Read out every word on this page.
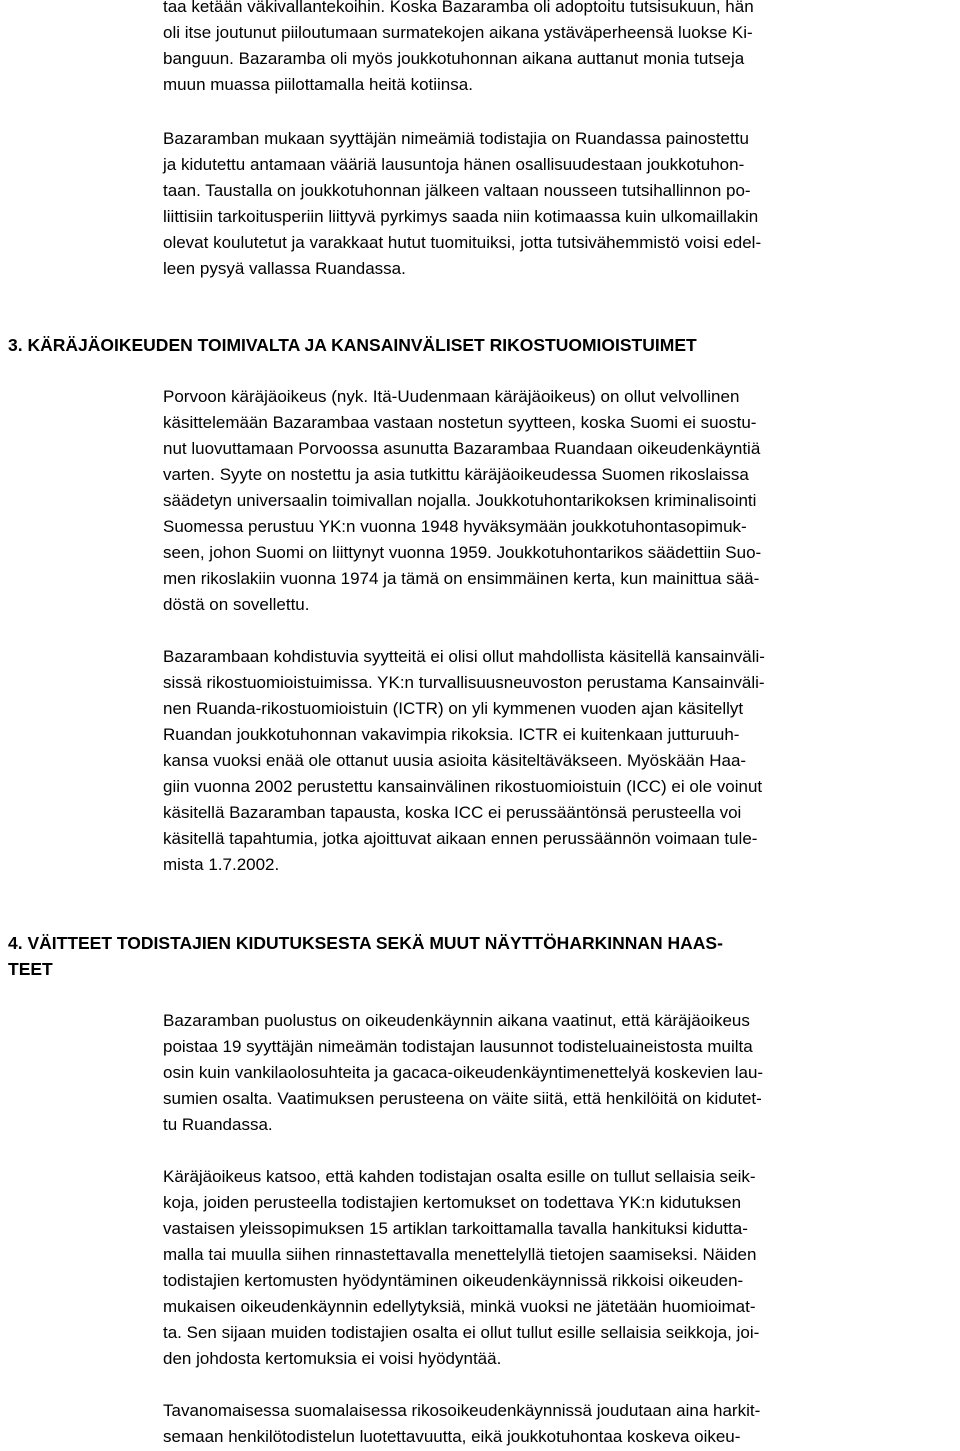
taa ketään väkivallantekoihin. Koska Bazaramba oli adoptoitu tutsisukuun, hän
oli itse joutunut piiloutumaan surmatekojen aikana ystäväperheensä luokse Ki-
banguun. Bazaramba oli myös joukkotuhonnan aikana auttanut monia tutseja
muun muassa piilottamalla heitä kotiinsa.

Bazaramban mukaan syyttäjän nimeämiä todistajia on Ruandassa painostettu
ja kidutettu antamaan vääriä lausuntoja hänen osallisuudestaan joukkotuhon-
taan. Taustalla on joukkotuhonnan jälkeen valtaan nousseen tutsihallinnon po-
liittisiin tarkoitusperiin liittyvä pyrkimys saada niin kotimaassa kuin ulkomaillakin
olevat koulutetut ja varakkaat hutut tuomituiksi, jotta tutsivähemmistö voisi edel-
leen pysyä vallassa Ruandassa.

3. KÄRÄJÄOIKEUDEN TOIMIVALTA JA KANSAINVÄLISET RIKOSTUOMIOISTUIMET

Porvoon käräjäoikeus (nyk. Itä-Uudenmaan käräjäoikeus) on ollut velvollinen
käsittelemään Bazarambaa vastaan nostetun syytteen, koska Suomi ei suostu-
nut luovuttamaan Porvoossa asunutta Bazarambaa Ruandaan oikeudenkäyntiä
varten. Syyte on nostettu ja asia tutkittu käräjäoikeudessa Suomen rikoslaissa
säädetyn universaalin toimivallan nojalla. Joukkotuhontarikoksen kriminalisointi
Suomessa perustuu YK:n vuonna 1948 hyväksymään joukkotuhontasopimuk-
seen, johon Suomi on liittynyt vuonna 1959. Joukkotuhontarikos säädettiin Suo-
men rikoslakiin vuonna 1974 ja tämä on ensimmäinen kerta, kun mainittua sää-
döstä on sovellettu.

Bazarambaan kohdistuvia syytteitä ei olisi ollut mahdollista käsitellä kansainväli-
sissä rikostuomioistuimissa. YK:n turvallisuusneuvoston perustama Kansainväli-
nen Ruanda-rikostuomioistuin (ICTR) on yli kymmenen vuoden ajan käsitellyt
Ruandan joukkotuhonnan vakavimpia rikoksia. ICTR ei kuitenkaan jutturuuh-
kansa vuoksi enää ole ottanut uusia asioita käsiteltäväkseen. Myöskään Haa-
giin vuonna 2002 perustettu kansainvälinen rikostuomioistuin (ICC) ei ole voinut
käsitellä Bazaramban tapausta, koska ICC ei perussääntönsä perusteella voi
käsitellä tapahtumia, jotka ajoittuvat aikaan ennen perussäännön voimaan tule-
mista 1.7.2002.

4. VÄITTEET TODISTAJIEN KIDUTUKSESTA SEKÄ MUUT NÄYTTÖHARKINNAN HAAS-
TEET

Bazaramban puolustus on oikeudenkäynnin aikana vaatinut, että käräjäoikeus
poistaa 19 syyttäjän nimeämän todistajan lausunnot todisteluaineistosta muilta
osin kuin vankilaolosuhteita ja gacaca-oikeudenkäyntimenettelyä koskevien lau-
sumien osalta. Vaatimuksen perusteena on väite siitä, että henkilöitä on kidutet-
tu Ruandassa.

Käräjäoikeus katsoo, että kahden todistajan osalta esille on tullut sellaisia seik-
koja, joiden perusteella todistajien kertomukset on todettava YK:n kidutuksen
vastaisen yleissopimuksen 15 artiklan tarkoittamalla tavalla hankituksi kidutta-
malla tai muulla siihen rinnastettavalla menettelyllä tietojen saamiseksi. Näiden
todistajien kertomusten hyödyntäminen oikeudenkäynnissä rikkoisi oikeuden-
mukaisen oikeudenkäynnin edellytyksiä, minkä vuoksi ne jätetään huomioimat-
ta. Sen sijaan muiden todistajien osalta ei ollut tullut esille sellaisia seikkoja, joi-
den johdosta kertomuksia ei voisi hyödyntää.

Tavanomaisessa suomalaisessa rikosoikeudenkäynnissä joudutaan aina harkit-
semaan henkilötodistelun luotettavuutta, eikä joukkotuhontaa koskeva oikeu-
